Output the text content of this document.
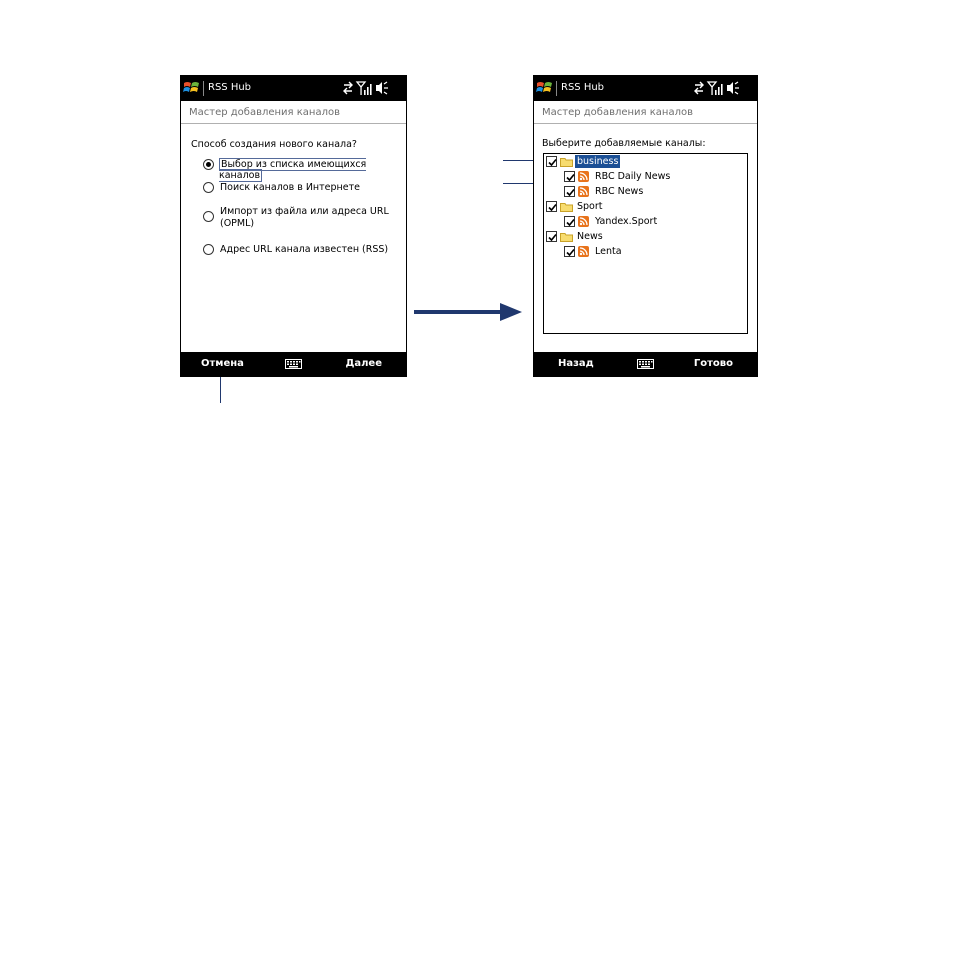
RSS Hub
Мастер добавления каналов
Способ создания нового канала?
Выбор из списка имеющихся каналов
Поиск каналов в Интернете
Импорт из файла или адреса URL
(OPML)
Адрес URL канала известен (RSS)
Отмена	Далее
RSS Hub
Мастер добавления каналов
Выберите добавляемые каналы:
business
RBC Daily News
RBC News
Sport
Yandex.Sport
News
Lenta
Назад	Готово
